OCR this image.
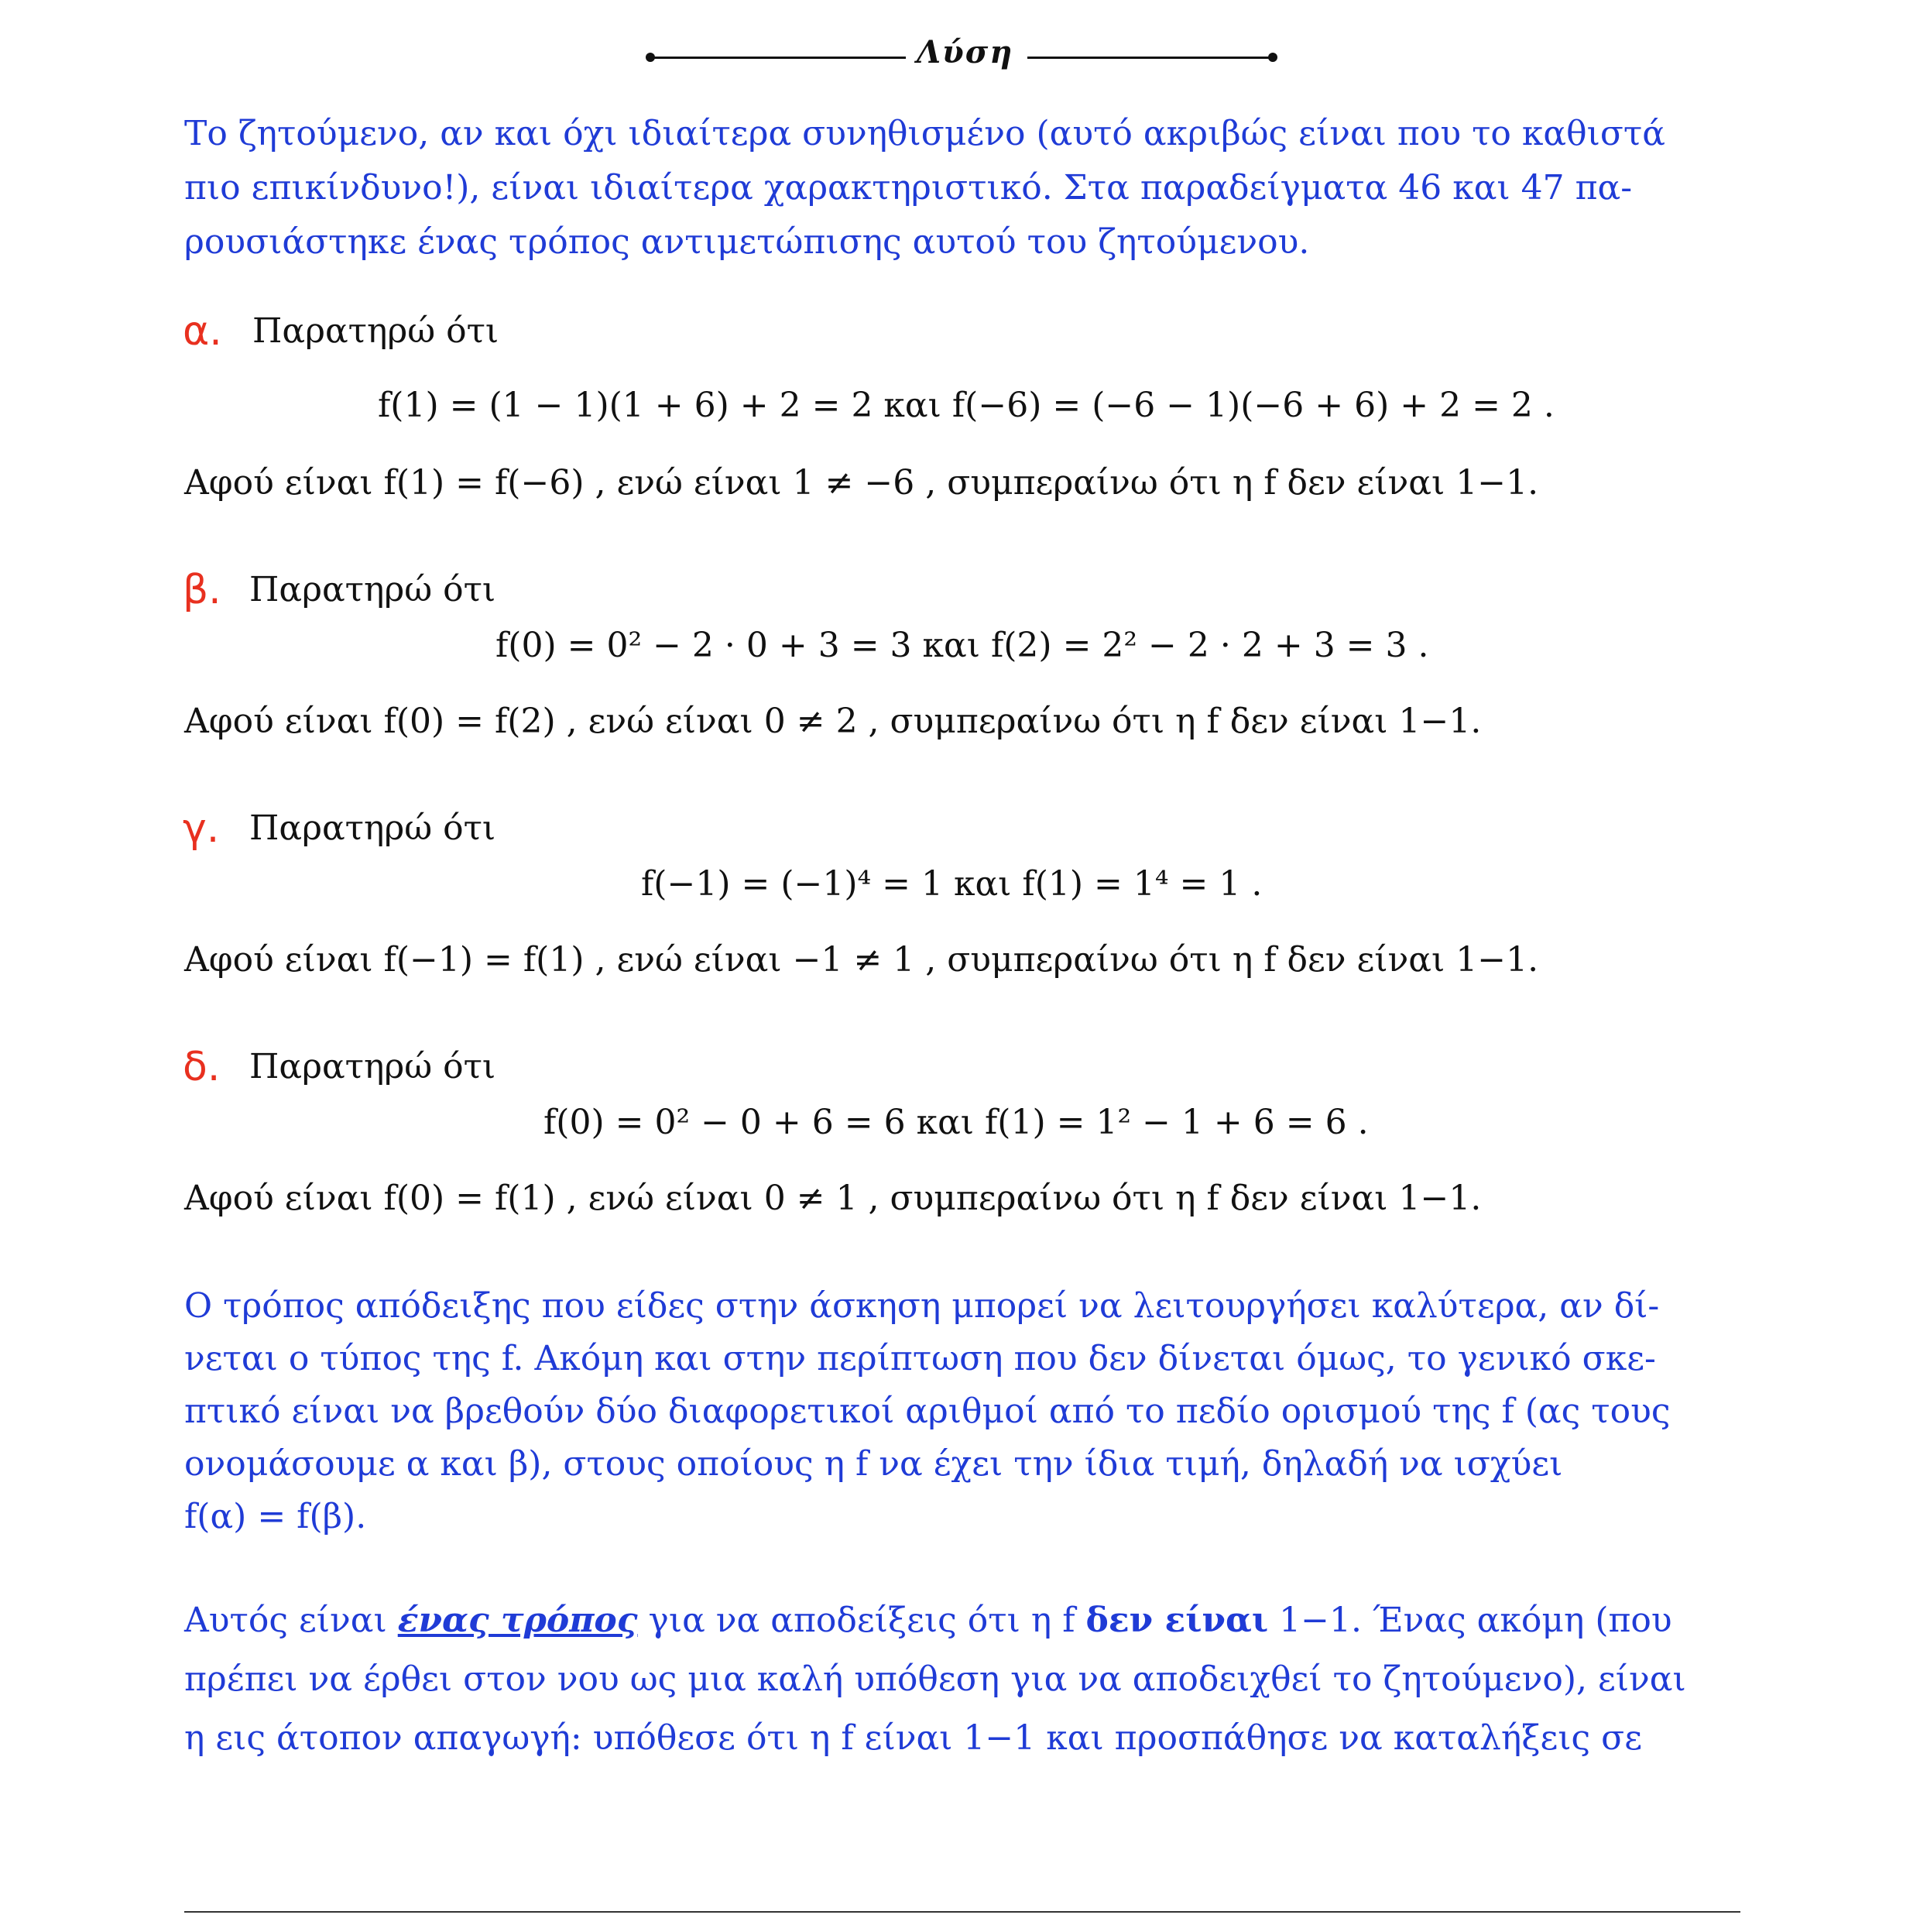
Λύση
Το ζητούμενο, αν και όχι ιδιαίτερα συνηθισμένο (αυτό ακριβώς είναι που το καθιστά
πιο επικίνδυνο!), είναι ιδιαίτερα χαρακτηριστικό. Στα παραδείγματα 46 και 47 πα-
ρουσιάστηκε ένας τρόπος αντιμετώπισης αυτού του ζητούμενου.
α. Παρατηρώ ότι
f(1) = (1 − 1)(1 + 6) + 2 = 2 και f(−6) = (−6 − 1)(−6 + 6) + 2 = 2 .
Αφού είναι f(1) = f(−6) , ενώ είναι 1 ≠ −6 , συμπεραίνω ότι η f δεν είναι 1−1.
β. Παρατηρώ ότι
f(0) = 0² − 2 · 0 + 3 = 3 και f(2) = 2² − 2 · 2 + 3 = 3 .
Αφού είναι f(0) = f(2) , ενώ είναι 0 ≠ 2 , συμπεραίνω ότι η f δεν είναι 1−1.
γ. Παρατηρώ ότι
f(−1) = (−1)⁴ = 1 και f(1) = 1⁴ = 1 .
Αφού είναι f(−1) = f(1) , ενώ είναι −1 ≠ 1 , συμπεραίνω ότι η f δεν είναι 1−1.
δ. Παρατηρώ ότι
f(0) = 0² − 0 + 6 = 6 και f(1) = 1² − 1 + 6 = 6 .
Αφού είναι f(0) = f(1) , ενώ είναι 0 ≠ 1 , συμπεραίνω ότι η f δεν είναι 1−1.
Ο τρόπος απόδειξης που είδες στην άσκηση μπορεί να λειτουργήσει καλύτερα, αν δί-
νεται ο τύπος της f. Ακόμη και στην περίπτωση που δεν δίνεται όμως, το γενικό σκε-
πτικό είναι να βρεθούν δύο διαφορετικοί αριθμοί από το πεδίο ορισμού της f (ας τους
ονομάσουμε α και β), στους οποίους η f να έχει την ίδια τιμή, δηλαδή να ισχύει
f(α) = f(β).
Αυτός είναι ένας τρόπος για να αποδείξεις ότι η f δεν είναι 1−1. Ένας ακόμη (που
πρέπει να έρθει στον νου ως μια καλή υπόθεση για να αποδειχθεί το ζητούμενο), είναι
η εις άτοπον απαγωγή: υπόθεσε ότι η f είναι 1−1 και προσπάθησε να καταλήξεις σε
